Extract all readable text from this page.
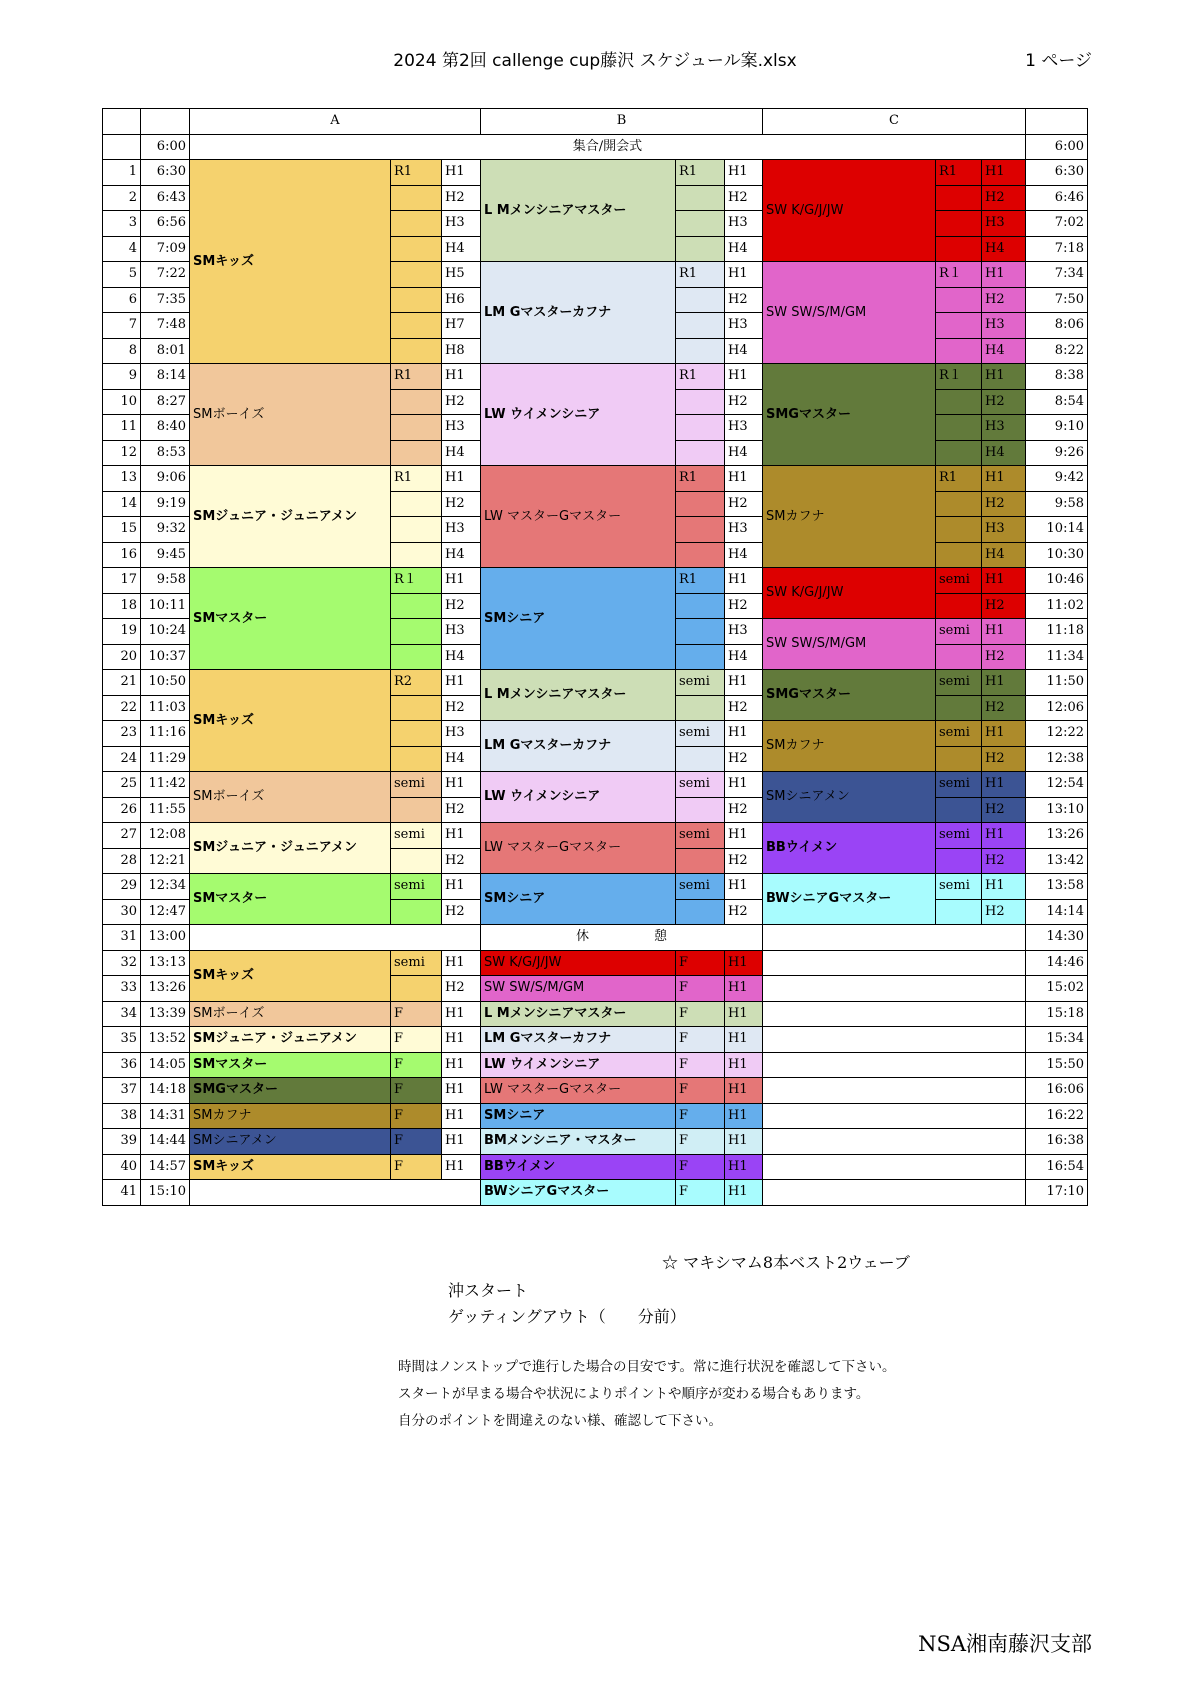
2024 第2回 callenge cup藤沢 スケジュール案.xlsx	1 ページ
		A			B			C			
	6:00	集合/開会式									6:00
1	6:30	SMキッズ	R1	H1	L Mメンシニアマスター	R1	H1	SW K/G/J/JW	R1	H1	6:30
2	6:43			H2			H2			H2	6:46
3	6:56			H3			H3			H3	7:02
4	7:09			H4			H4			H4	7:18
5	7:22			H5	LM Gマスターカフナ	R1	H1	SW SW/S/M/GM	R１	H1	7:34
6	7:35			H6			H2			H2	7:50
7	7:48			H7			H3			H3	8:06
8	8:01			H8			H4			H4	8:22
9	8:14	SMボーイズ	R1	H1	LW ウイメンシニア	R1	H1	SMGマスター	R１	H1	8:38
10	8:27			H2			H2			H2	8:54
11	8:40			H3			H3			H3	9:10
12	8:53			H4			H4			H4	9:26
13	9:06	SMジュニア・ジュニアメン	R1	H1	LW マスターGマスター	R1	H1	SMカフナ	R1	H1	9:42
14	9:19			H2			H2			H2	9:58
15	9:32			H3			H3			H3	10:14
16	9:45			H4			H4			H4	10:30
17	9:58	SMマスター	R１	H1	SMシニア	R1	H1	SW K/G/J/JW	semi	H1	10:46
18	10:11			H2			H2			H2	11:02
19	10:24			H3			H3	SW SW/S/M/GM	semi	H1	11:18
20	10:37			H4			H4			H2	11:34
21	10:50	SMキッズ	R2	H1	L Mメンシニアマスター	semi	H1	SMGマスター	semi	H1	11:50
22	11:03			H2			H2			H2	12:06
23	11:16			H3	LM Gマスターカフナ	semi	H1	SMカフナ	semi	H1	12:22
24	11:29			H4			H2			H2	12:38
25	11:42	SMボーイズ	semi	H1	LW ウイメンシニア	semi	H1	SMシニアメン	semi	H1	12:54
26	11:55			H2			H2			H2	13:10
27	12:08	SMジュニア・ジュニアメン	semi	H1	LW マスターGマスター	semi	H1	BBウイメン	semi	H1	13:26
28	12:21			H2			H2			H2	13:42
29	12:34	SMマスター	semi	H1	SMシニア	semi	H1	BWシニアGマスター	semi	H1	13:58
30	12:47			H2			H2			H2	14:14
31	13:00				休　　　　　憩						14:30
32	13:13	SMキッズ	semi	H1	SW K/G/J/JW	F	H1				14:46
33	13:26			H2	SW SW/S/M/GM	F	H1				15:02
34	13:39	SMボーイズ	F	H1	L Mメンシニアマスター	F	H1				15:18
35	13:52	SMジュニア・ジュニアメン	F	H1	LM Gマスターカフナ	F	H1				15:34
36	14:05	SMマスター	F	H1	LW ウイメンシニア	F	H1				15:50
37	14:18	SMGマスター	F	H1	LW マスターGマスター	F	H1				16:06
38	14:31	SMカフナ	F	H1	SMシニア	F	H1				16:22
39	14:44	SMシニアメン	F	H1	BMメンシニア・マスター	F	H1				16:38
40	14:57	SMキッズ	F	H1	BBウイメン	F	H1				16:54
41	15:10				BWシニアGマスター	F	H1				17:10
☆ マキシマム8本ベスト2ウェーブ
沖スタート
ゲッティングアウト（　　分前）
時間はノンストップで進行した場合の目安です。常に進行状況を確認して下さい。
スタートが早まる場合や状況によりポイントや順序が変わる場合もあります。
自分のポイントを間違えのない様、確認して下さい。
NSA湘南藤沢支部
